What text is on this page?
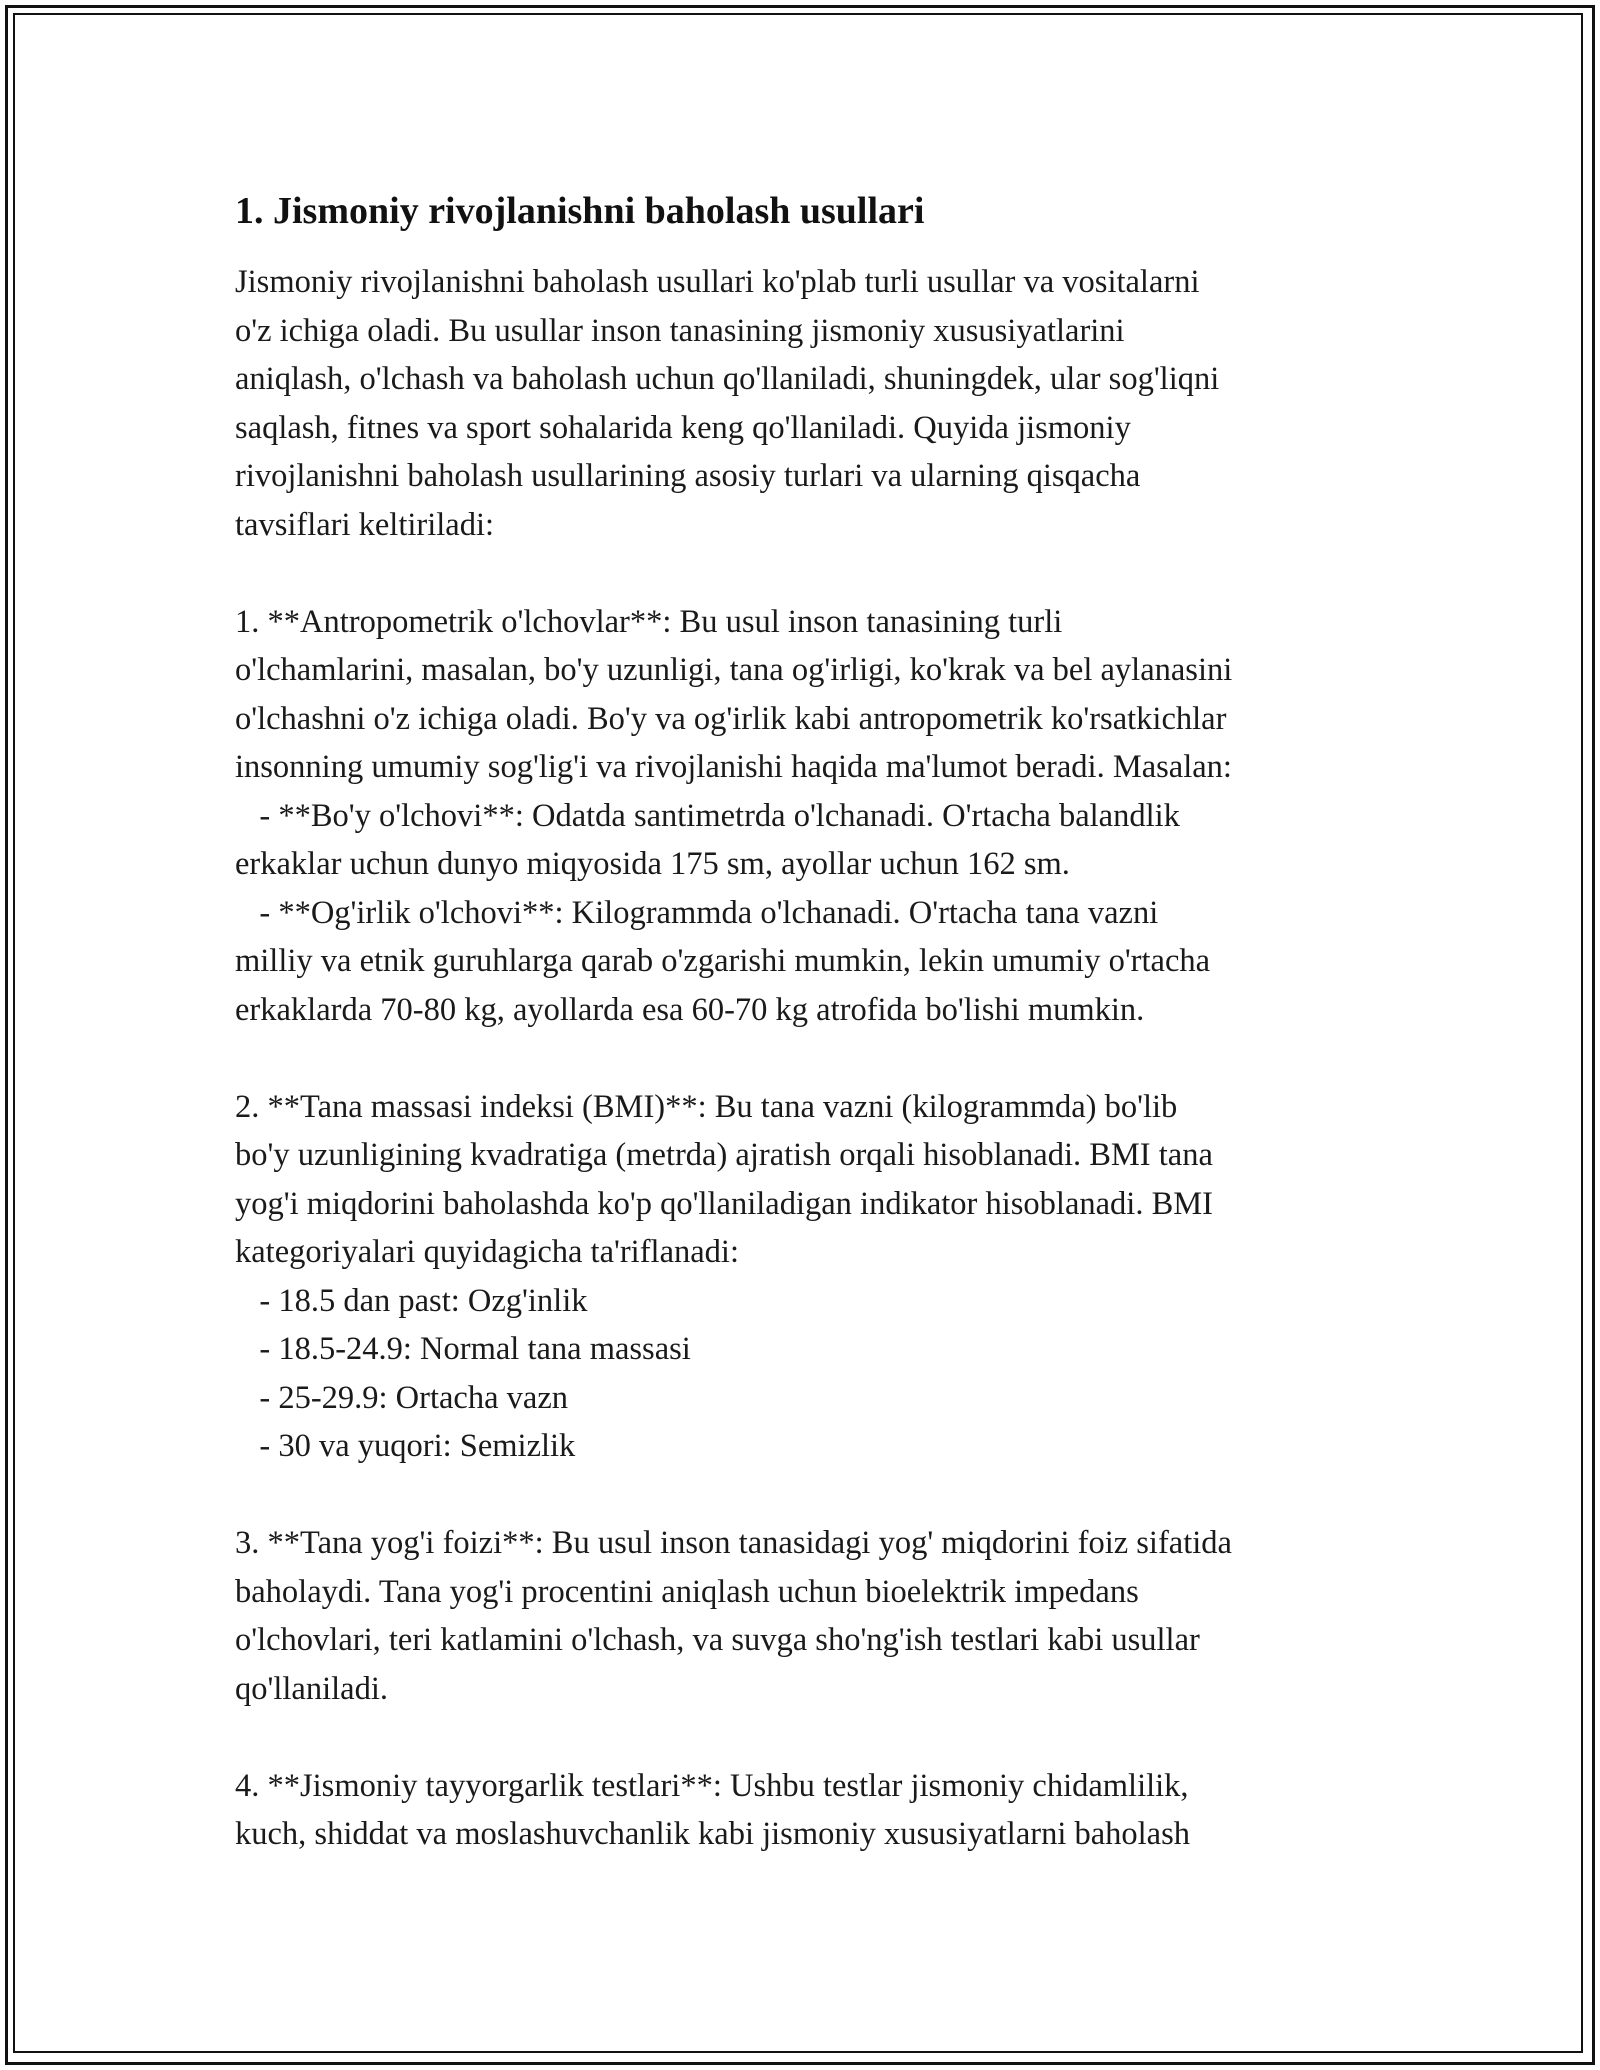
1. Jismoniy rivojlanishni baholash usullari

Jismoniy rivojlanishni baholash usullari ko'plab turli usullar va vositalarni
o'z ichiga oladi. Bu usullar inson tanasining jismoniy xususiyatlarini
aniqlash, o'lchash va baholash uchun qo'llaniladi, shuningdek, ular sog'liqni
saqlash, fitnes va sport sohalarida keng qo'llaniladi. Quyida jismoniy
rivojlanishni baholash usullarining asosiy turlari va ularning qisqacha
tavsiflari keltiriladi:

1. **Antropometrik o'lchovlar**: Bu usul inson tanasining turli
o'lchamlarini, masalan, bo'y uzunligi, tana og'irligi, ko'krak va bel aylanasini
o'lchashni o'z ichiga oladi. Bo'y va og'irlik kabi antropometrik ko'rsatkichlar
insonning umumiy sog'lig'i va rivojlanishi haqida ma'lumot beradi. Masalan:
- **Bo'y o'lchovi**: Odatda santimetrda o'lchanadi. O'rtacha balandlik
erkaklar uchun dunyo miqyosida 175 sm, ayollar uchun 162 sm.
- **Og'irlik o'lchovi**: Kilogrammda o'lchanadi. O'rtacha tana vazni
milliy va etnik guruhlarga qarab o'zgarishi mumkin, lekin umumiy o'rtacha
erkaklarda 70-80 kg, ayollarda esa 60-70 kg atrofida bo'lishi mumkin.

2. **Tana massasi indeksi (BMI)**: Bu tana vazni (kilogrammda) bo'lib
bo'y uzunligining kvadratiga (metrda) ajratish orqali hisoblanadi. BMI tana
yog'i miqdorini baholashda ko'p qo'llaniladigan indikator hisoblanadi. BMI
kategoriyalari quyidagicha ta'riflanadi:
- 18.5 dan past: Ozg'inlik
- 18.5-24.9: Normal tana massasi
- 25-29.9: Ortacha vazn
- 30 va yuqori: Semizlik

3. **Tana yog'i foizi**: Bu usul inson tanasidagi yog' miqdorini foiz sifatida
baholaydi. Tana yog'i procentini aniqlash uchun bioelektrik impedans
o'lchovlari, teri katlamini o'lchash, va suvga sho'ng'ish testlari kabi usullar
qo'llaniladi.

4. **Jismoniy tayyorgarlik testlari**: Ushbu testlar jismoniy chidamlilik,
kuch, shiddat va moslashuvchanlik kabi jismoniy xususiyatlarni baholash
